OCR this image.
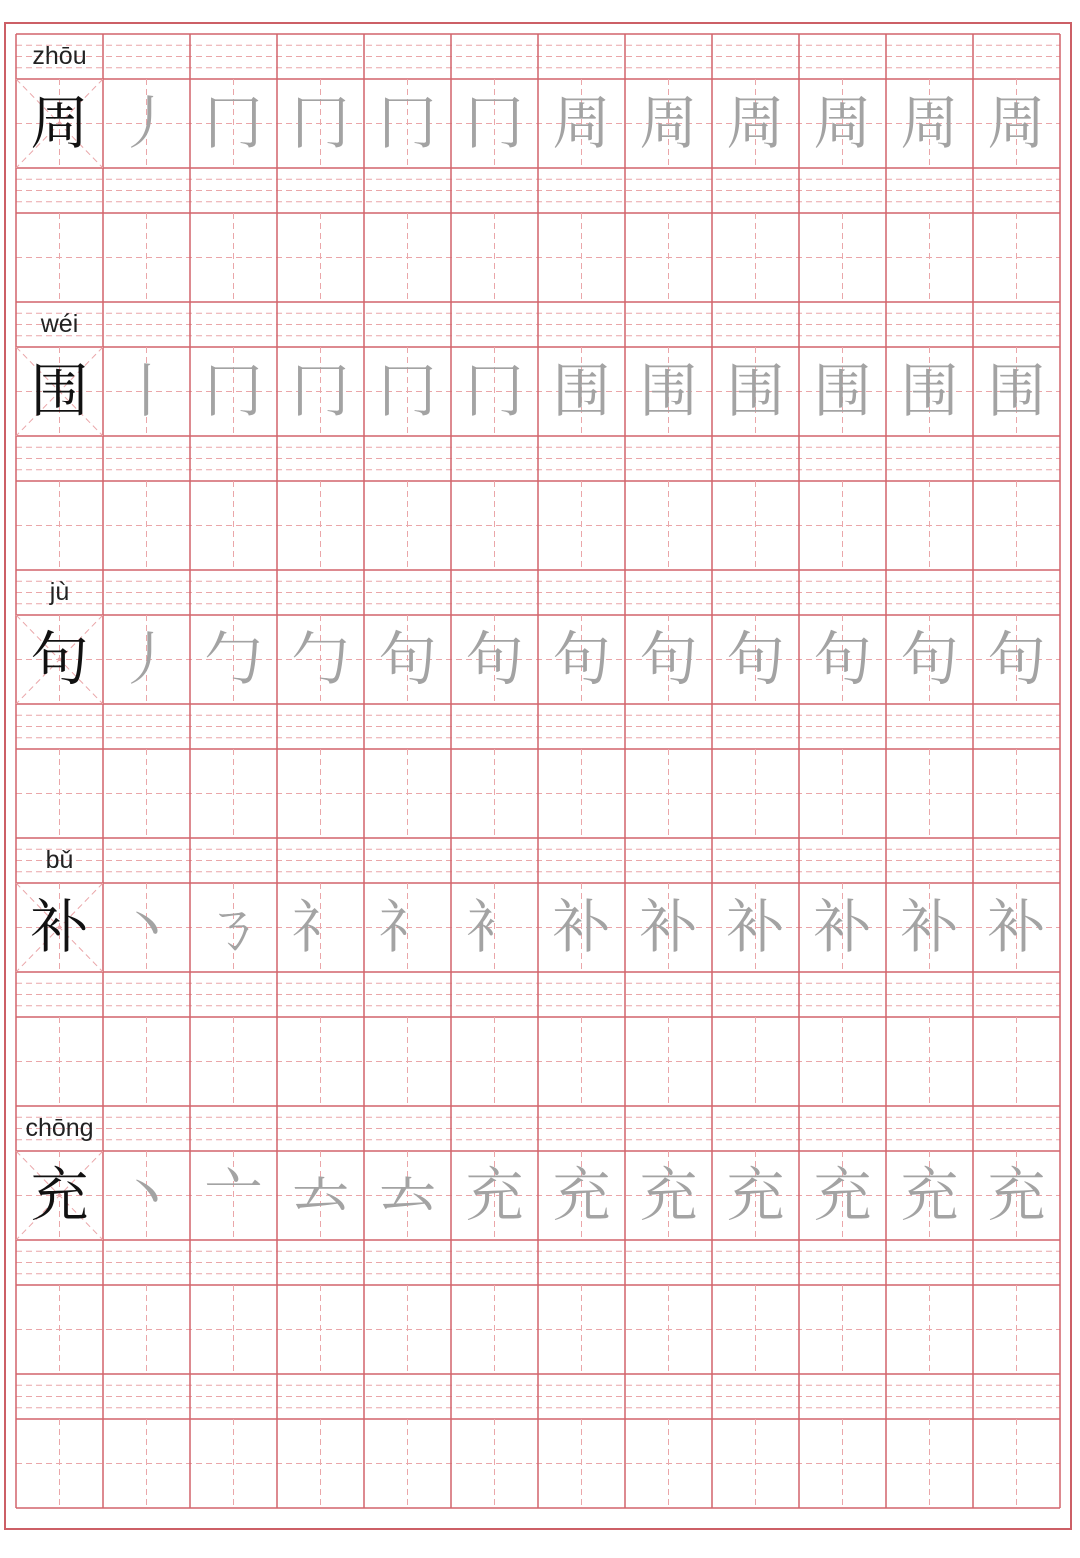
zhōu
周 丿 冂 冂 冂 冂 周 周 周 周 周 周
wéi
围 丨 冂 冂 冂 冂 围 围 围 围 围 围
jù
句 丿 勹 勹 句 句 句 句 句 句 句 句
bǔ
补 丶 ㄋ 礻 礻 衤 补 补 补 补 补 补
chōng
充 丶 亠 𠫓 𠫓 充 充 充 充 充 充 充
